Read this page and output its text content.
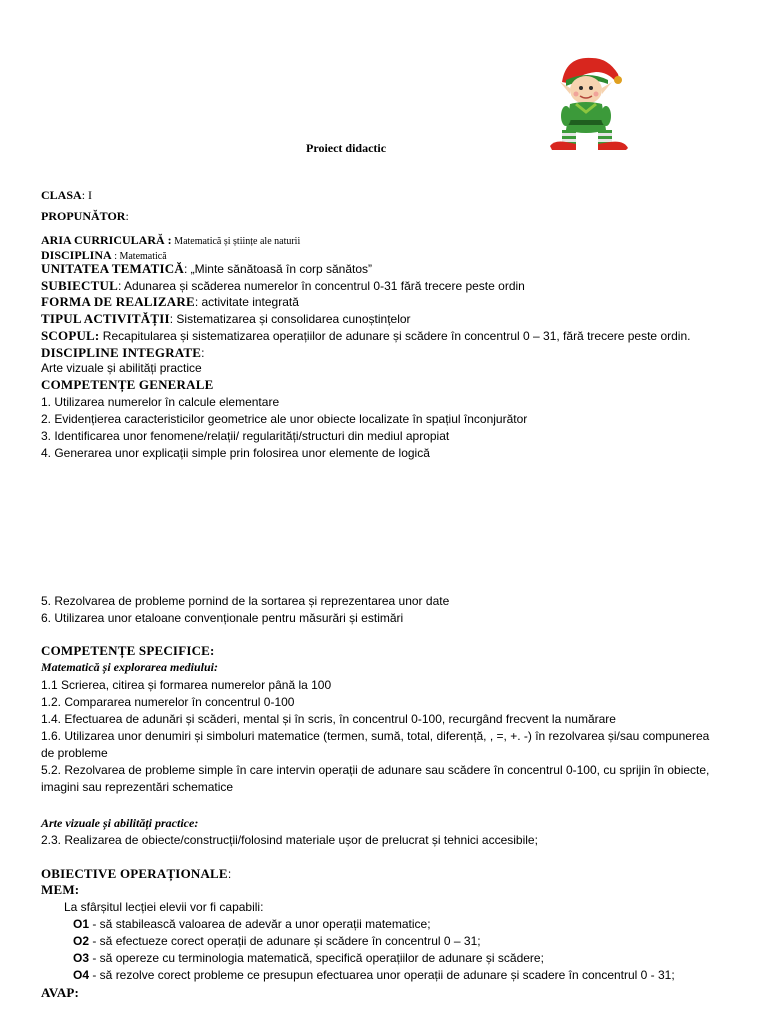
Proiect didactic
CLASA: I
PROPUNĂTOR:
ARIA CURRICULARĂ : Matematică și științe ale naturii
DISCIPLINA : Matematică
UNITATEA TEMATICĂ: „Minte sănătoasă în corp sănătos”
SUBIECTUL: Adunarea și scăderea numerelor în concentrul 0-31 fără trecere peste ordin
FORMA DE REALIZARE: activitate integrată
TIPUL ACTIVITĂȚII: Sistematizarea și consolidarea cunoștințelor
SCOPUL: Recapitularea și sistematizarea operațiilor de adunare și scădere în concentrul 0 – 31, fără trecere peste ordin.
DISCIPLINE INTEGRATE:
Arte vizuale și abilități practice
COMPETENȚE GENERALE
1. Utilizarea numerelor în calcule elementare
2. Evidențierea caracteristicilor geometrice ale unor obiecte localizate în spațiul înconjurător
3. Identificarea unor fenomene/relații/ regularități/structuri din mediul apropiat
4. Generarea unor explicații simple prin folosirea unor elemente de logică
5. Rezolvarea de probleme pornind de la sortarea și reprezentarea unor date
6. Utilizarea unor etaloane convenționale pentru măsurări și estimări
COMPETENȚE SPECIFICE:
Matematică și explorarea mediului:
1.1 Scrierea, citirea și formarea numerelor până la 100
1.2. Compararea numerelor în concentrul 0-100
1.4. Efectuarea de adunări și scăderi, mental și în scris, în concentrul 0-100, recurgând frecvent la numărare
1.6. Utilizarea unor denumiri și simboluri matematice (termen, sumă, total, diferență, , =, +. -) în rezolvarea și/sau compunerea
de probleme
5.2. Rezolvarea de probleme simple în care intervin operații de adunare sau scădere în concentrul 0-100, cu sprijin în obiecte,
imagini sau reprezentări schematice
Arte vizuale și abilități practice:
2.3. Realizarea de obiecte/construcții/folosind materiale ușor de prelucrat și tehnici accesibile;
OBIECTIVE OPERAȚIONALE:
MEM:
La sfârșitul lecției elevii vor fi capabili:
O1 - să stabilească valoarea de adevăr a unor operații matematice;
O2 - să efectueze corect operații de adunare și scădere în concentrul 0 – 31;
O3 - să opereze cu terminologia matematică, specifică operațiilor de adunare și scădere;
O4 - să rezolve corect probleme ce presupun efectuarea unor operații de adunare și scadere în concentrul 0 - 31;
AVAP:
